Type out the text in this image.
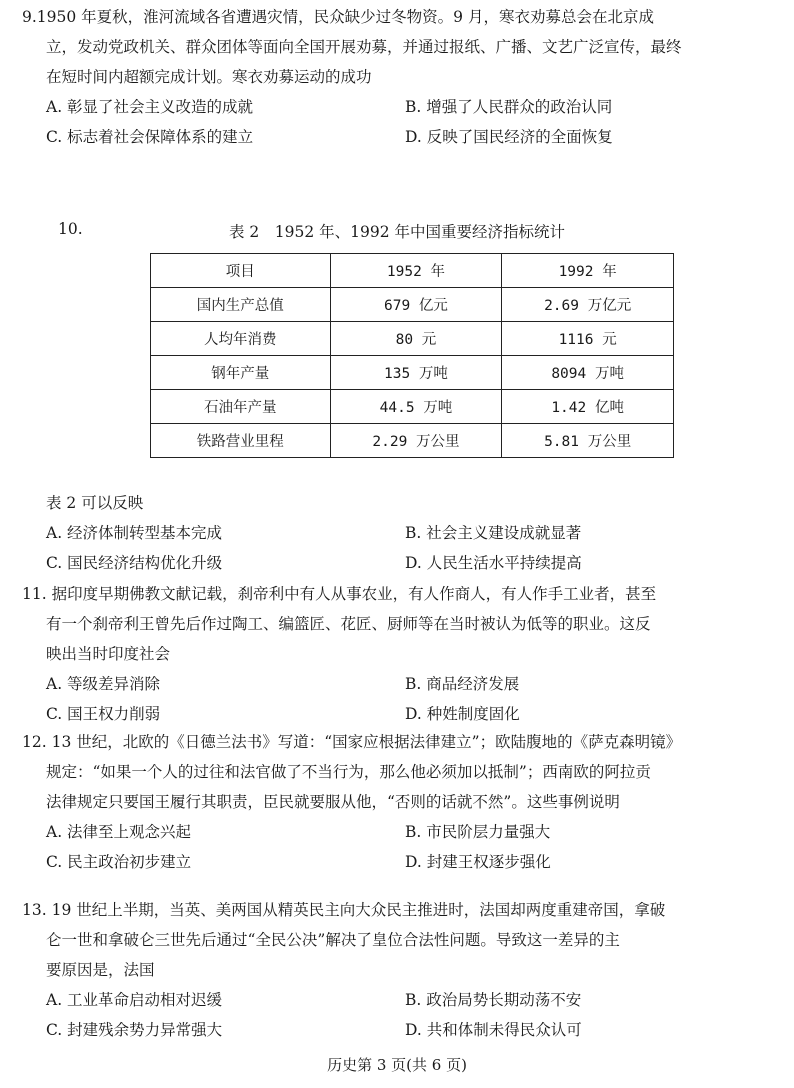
9.1950 年夏秋，淮河流域各省遭遇灾情，民众缺少过冬物资。9 月，寒衣劝募总会在北京成

立，发动党政机关、群众团体等面向全国开展劝募，并通过报纸、广播、文艺广泛宣传，最终

在短时间内超额完成计划。寒衣劝募运动的成功

A. 彰显了社会主义改造的成就	B. 增强了人民群众的政治认同
C. 标志着社会保障体系的建立	D. 反映了国民经济的全面恢复
10.	表 2　1952 年、1992 年中国重要经济指标统计
项目	1952 年	1992 年
国内生产总值	679 亿元	2.69 万亿元
人均年消费	80 元	1116 元
钢年产量	135 万吨	8094 万吨
石油年产量	44.5 万吨	1.42 亿吨
铁路营业里程	2.29 万公里	5.81 万公里

表 2 可以反映

A. 经济体制转型基本完成	B. 社会主义建设成就显著
C. 国民经济结构优化升级	D. 人民生活水平持续提高

11. 据印度早期佛教文献记载，刹帝利中有人从事农业，有人作商人，有人作手工业者，甚至

有一个刹帝利王曾先后作过陶工、编篮匠、花匠、厨师等在当时被认为低等的职业。这反

映出当时印度社会

A. 等级差异消除	B. 商品经济发展
C. 国王权力削弱	D. 种姓制度固化

12. 13 世纪，北欧的《日德兰法书》写道：“国家应根据法律建立”；欧陆腹地的《萨克森明镜》

规定：“如果一个人的过往和法官做了不当行为，那么他必须加以抵制”；西南欧的阿拉贡

法律规定只要国王履行其职责，臣民就要服从他，“否则的话就不然”。这些事例说明

A. 法律至上观念兴起	B. 市民阶层力量强大
C. 民主政治初步建立	D. 封建王权逐步强化

13. 19 世纪上半期，当英、美两国从精英民主向大众民主推进时，法国却两度重建帝国，拿破

仑一世和拿破仑三世先后通过“全民公决”解决了皇位合法性问题。导致这一差异的主

要原因是，法国

A. 工业革命启动相对迟缓	B. 政治局势长期动荡不安
C. 封建残余势力异常强大	D. 共和体制未得民众认可
历史第 3 页(共 6 页)
